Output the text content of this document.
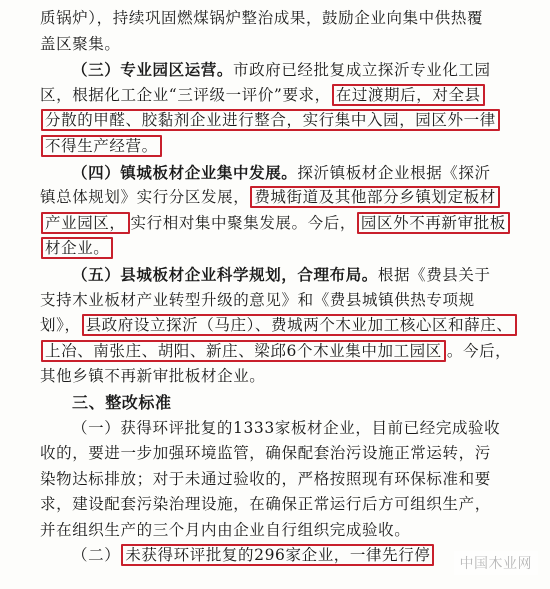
质锅炉），持续巩固燃煤锅炉整治成果，鼓励企业向集中供热覆
盖区聚集。
（三）专业园区运营。市政府已经批复成立探沂专业化工园
区，根据化工企业“三评级一评价”要求， 在过渡期后，对全县
分散的甲醛、胶黏剂企业进行整合，实行集中入园，园区外一律
不得生产经营。
（四）镇城板材企业集中发展。探沂镇板材企业根据《探沂
镇总体规划》实行分区发展， 费城街道及其他部分乡镇划定板材
产业园区， 实行相对集中聚集发展。今后， 园区外不再新审批板
材企业。
（五）县城板材企业科学规划，合理布局。根据《费县关于
支持木业板材产业转型升级的意见》和《费县城镇供热专项规
划》， 县政府设立探沂（马庄）、费城两个木业加工核心区和薛庄、
上冶、南张庄、胡阳、新庄、梁邱6个木业集中加工园区 。今后，
其他乡镇不再新审批板材企业。
三、整改标准
（一）获得环评批复的1333家板材企业，目前已经完成验收
收的，要进一步加强环境监管，确保配套治污设施正常运转，污
染物达标排放；对于未通过验收的，严格按照现有环保标准和要
求，建设配套污染治理设施，在确保正常运行后方可组织生产，
并在组织生产的三个月内由企业自行组织完成验收。
（二） 未获得环评批复的296家企业，一律先行停	中国木业网
